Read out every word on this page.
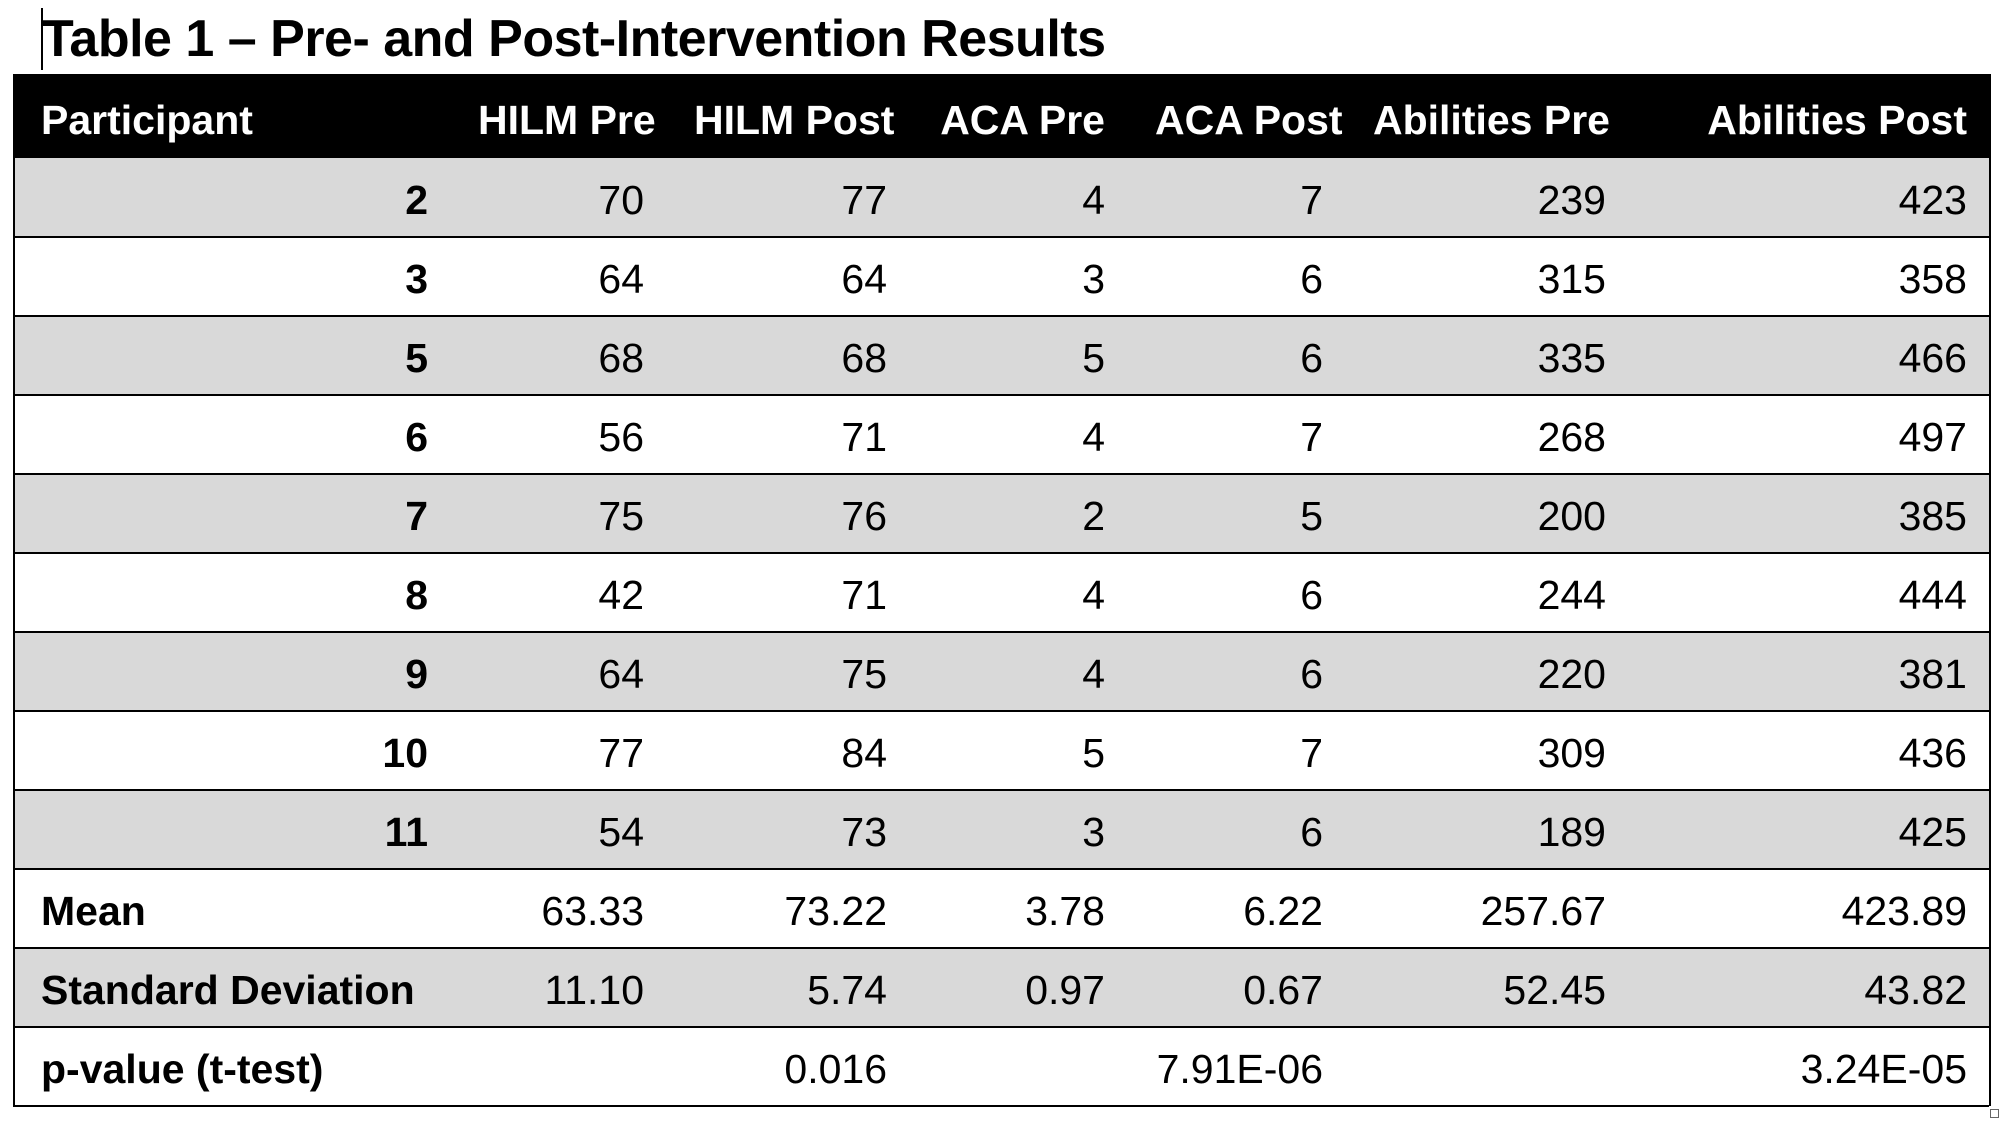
Table 1 – Pre- and Post-Intervention Results
Participant	HILM Pre	HILM Post	ACA Pre	ACA Post	Abilities Pre	Abilities Post
2	70	77	4	7	239	423
3	64	64	3	6	315	358
5	68	68	5	6	335	466
6	56	71	4	7	268	497
7	75	76	2	5	200	385
8	42	71	4	6	244	444
9	64	75	4	6	220	381
10	77	84	5	7	309	436
11	54	73	3	6	189	425
Mean	63.33	73.22	3.78	6.22	257.67	423.89
Standard Deviation	11.10	5.74	0.97	0.67	52.45	43.82
p-value (t-test)		0.016		7.91E-06		3.24E-05
